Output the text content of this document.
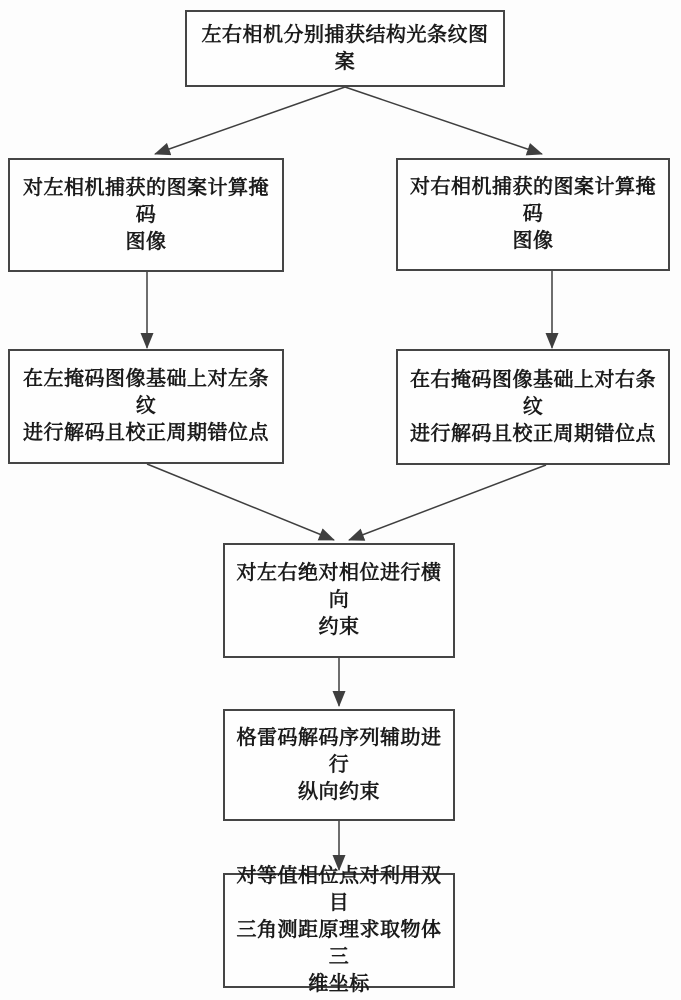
左右相机分别捕获结构光条纹图案
对左相机捕获的图案计算掩码
图像
对右相机捕获的图案计算掩码
图像
在左掩码图像基础上对左条纹
进行解码且校正周期错位点
在右掩码图像基础上对右条纹
进行解码且校正周期错位点
对左右绝对相位进行横向
约束
格雷码解码序列辅助进行
纵向约束
对等值相位点对利用双目
三角测距原理求取物体三
维坐标
